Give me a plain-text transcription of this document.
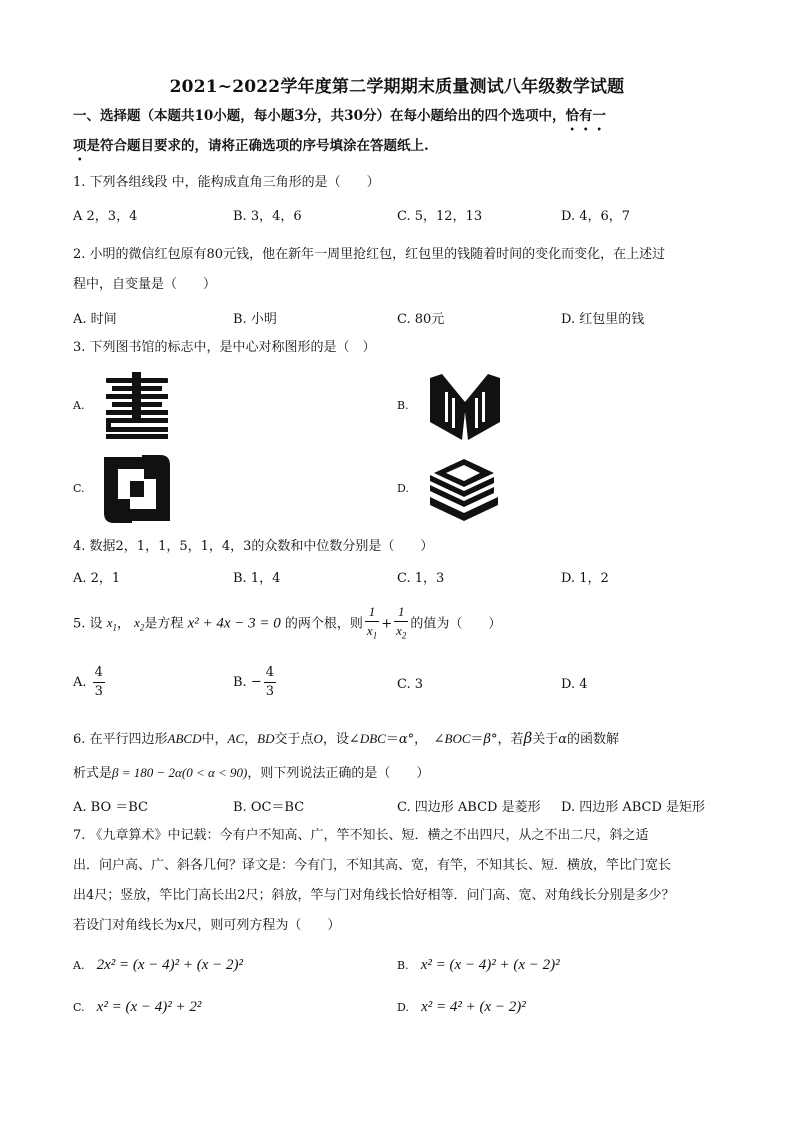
2021~2022学年度第二学期期末质量测试八年级数学试题
一、选择题（本题共10小题，每小题3分，共30分）在每小题给出的四个选项中，恰有一
项是符合题目要求的，请将正确选项的序号填涂在答题纸上.
1. 下列各组线段 中，能构成直角三角形的是（　　）
A 2，3，4	B. 3，4，6	C. 5，12，13	D. 4，6，7
2. 小明的微信红包原有80元钱，他在新年一周里抢红包，红包里的钱随着时间的变化而变化，在上述过
程中，自变量是（　　）
A. 时间	B. 小明	C. 80元	D. 红包里的钱
3. 下列图书馆的标志中，是中心对称图形的是（　）
A.	B.
C.	D.
4. 数据2，1，1，5，1，4，3的众数和中位数分别是（　　）
A. 2，1	B. 1，4	C. 1，3	D. 1，2
5. 设 $x_1$， $x_2$是方程 x² + 4x − 3 = 0 的两个根，则 $\frac{1}{x_1} + \frac{1}{x_2}$ 的值为（　　）
A. $\frac{4}{3}$	B. − $\frac{4}{3}$	C. 3	D. 4
6. 在平行四边形ABCD中，AC，BD交于点O，设∠DBC＝α°，　∠BOC＝β°，若β关于α的函数解
析式是β = 180 − 2α(0 < α < 90)，则下列说法正确的是（　　）
A. BO ＝BC	B. OC＝BC	C. 四边形 ABCD 是菱形 D. 四边形 ABCD 是矩形
7. 《九章算术》中记载：今有户不知高、广，竿不知长、短．横之不出四尺，从之不出二尺，斜之适
出．问户高、广、斜各几何？译文是：今有门，不知其高、宽，有竿，不知其长、短．横放，竿比门宽长
出4尺；竖放，竿比门高长出2尺；斜放，竿与门对角线长恰好相等．问门高、宽、对角线长分别是多少？
若设门对角线长为x尺，则可列方程为（　　）
A. 2x² = (x − 4)² + (x − 2)²	B. x² = (x − 4)² + (x − 2)²
C. x² = (x − 4)² + 2²	D. x² = 4² + (x − 2)²
